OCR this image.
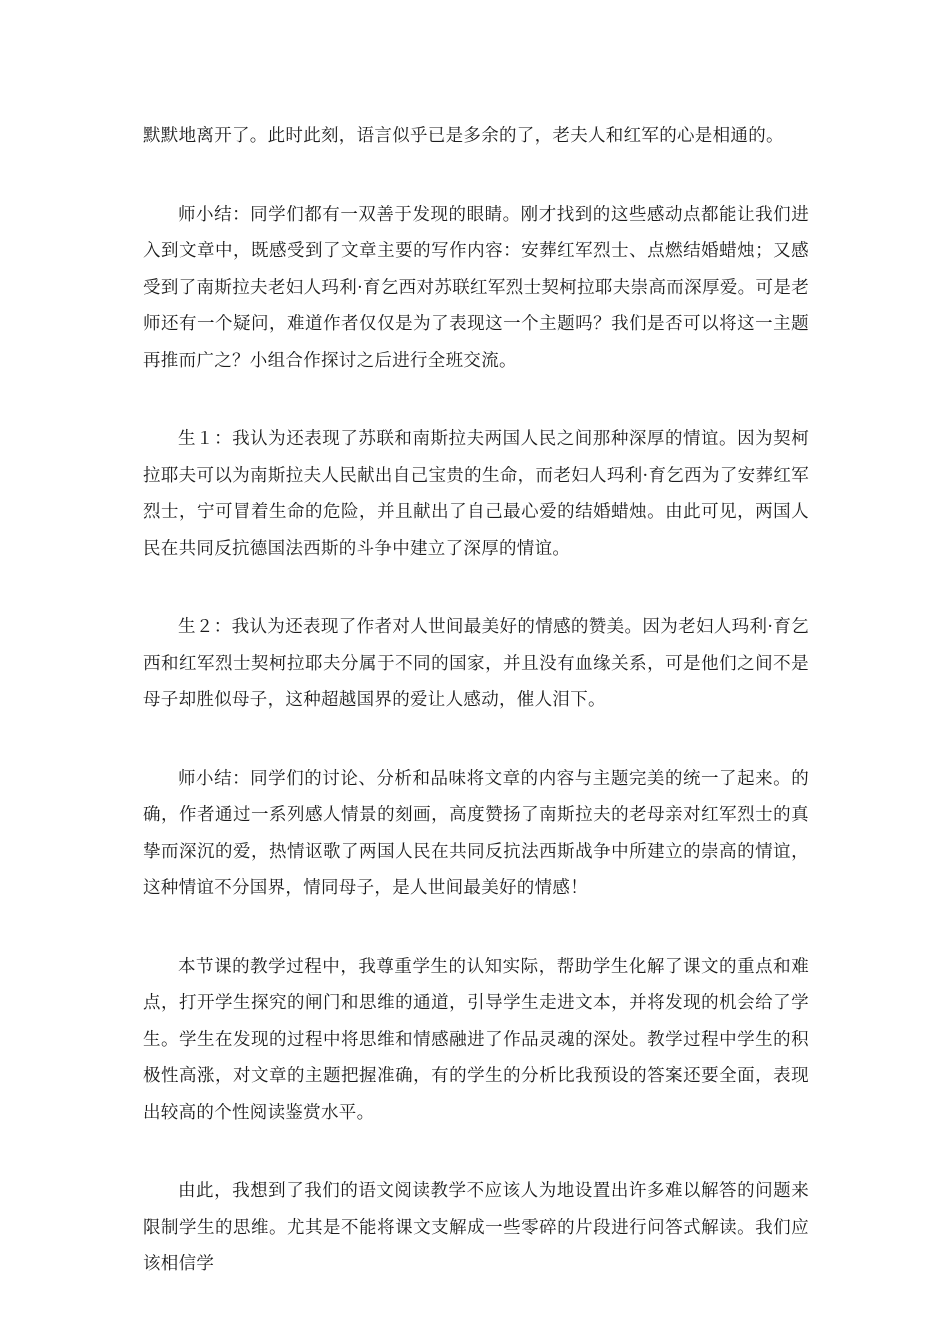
默默地离开了。此时此刻，语言似乎已是多余的了，老夫人和红军的心是相通的。

师小结：同学们都有一双善于发现的眼睛。刚才找到的这些感动点都能让我们进入到文章中，既感受到了文章主要的写作内容：安葬红军烈士、点燃结婚蜡烛；又感受到了南斯拉夫老妇人玛利·育乞西对苏联红军烈士契柯拉耶夫崇高而深厚爱。可是老师还有一个疑问，难道作者仅仅是为了表现这一个主题吗？我们是否可以将这一主题再推而广之？小组合作探讨之后进行全班交流。

生１：我认为还表现了苏联和南斯拉夫两国人民之间那种深厚的情谊。因为契柯拉耶夫可以为南斯拉夫人民献出自己宝贵的生命，而老妇人玛利·育乞西为了安葬红军烈士，宁可冒着生命的危险，并且献出了自己最心爱的结婚蜡烛。由此可见，两国人民在共同反抗德国法西斯的斗争中建立了深厚的情谊。

生２：我认为还表现了作者对人世间最美好的情感的赞美。因为老妇人玛利·育乞西和红军烈士契柯拉耶夫分属于不同的国家，并且没有血缘关系，可是他们之间不是母子却胜似母子，这种超越国界的爱让人感动，催人泪下。

师小结：同学们的讨论、分析和品味将文章的内容与主题完美的统一了起来。的确，作者通过一系列感人情景的刻画，高度赞扬了南斯拉夫的老母亲对红军烈士的真挚而深沉的爱，热情讴歌了两国人民在共同反抗法西斯战争中所建立的崇高的情谊，这种情谊不分国界，情同母子，是人世间最美好的情感！

本节课的教学过程中，我尊重学生的认知实际，帮助学生化解了课文的重点和难点，打开学生探究的闸门和思维的通道，引导学生走进文本，并将发现的机会给了学生。学生在发现的过程中将思维和情感融进了作品灵魂的深处。教学过程中学生的积极性高涨，对文章的主题把握准确，有的学生的分析比我预设的答案还要全面，表现出较高的个性阅读鉴赏水平。

由此，我想到了我们的语文阅读教学不应该人为地设置出许多难以解答的问题来限制学生的思维。尤其是不能将课文支解成一些零碎的片段进行问答式解读。我们应该相信学
